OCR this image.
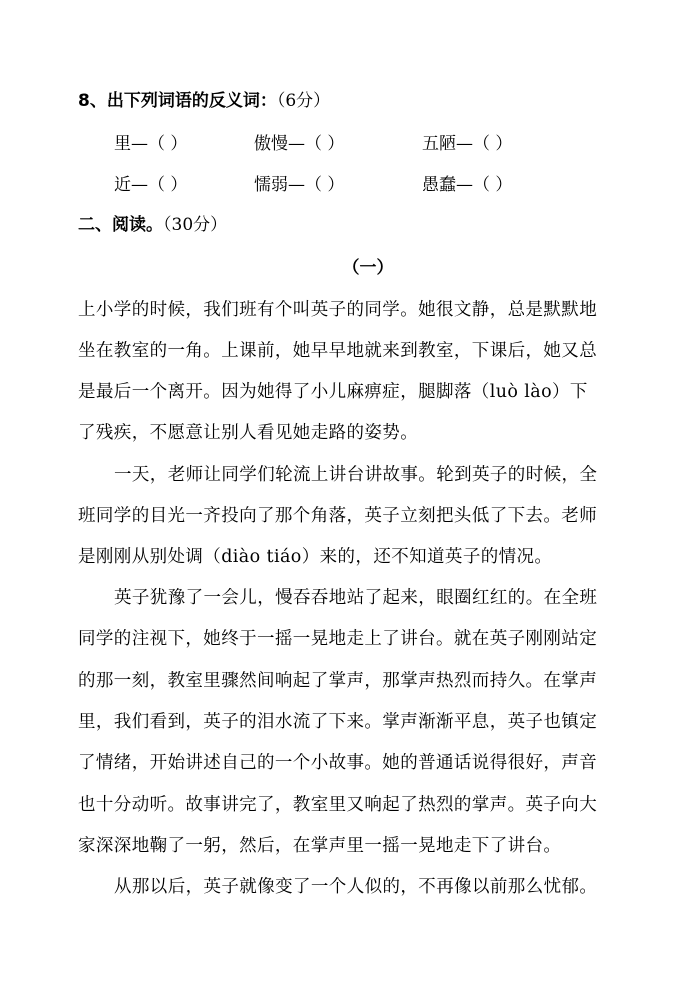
8、出下列词语的反义词：（6分）
里—（ ）	傲慢—（ ）	五陋—（ ）
近—（ ）	懦弱—（ ）	愚蠢—（ ）
二、阅读。（30分）
（一）
上小学的时候，我们班有个叫英子的同学。她很文静，总是默默地
坐在教室的一角。上课前，她早早地就来到教室，下课后，她又总
是最后一个离开。因为她得了小儿麻痹症，腿脚落（luò lào）下
了残疾，不愿意让别人看见她走路的姿势。
一天，老师让同学们轮流上讲台讲故事。轮到英子的时候，全
班同学的目光一齐投向了那个角落，英子立刻把头低了下去。老师
是刚刚从别处调（diào tiáo）来的，还不知道英子的情况。
英子犹豫了一会儿，慢吞吞地站了起来，眼圈红红的。在全班
同学的注视下，她终于一摇一晃地走上了讲台。就在英子刚刚站定
的那一刻，教室里骤然间响起了掌声，那掌声热烈而持久。在掌声
里，我们看到，英子的泪水流了下来。掌声渐渐平息，英子也镇定
了情绪，开始讲述自己的一个小故事。她的普通话说得很好，声音
也十分动听。故事讲完了，教室里又响起了热烈的掌声。英子向大
家深深地鞠了一躬，然后，在掌声里一摇一晃地走下了讲台。
从那以后，英子就像变了一个人似的，不再像以前那么忧郁。
